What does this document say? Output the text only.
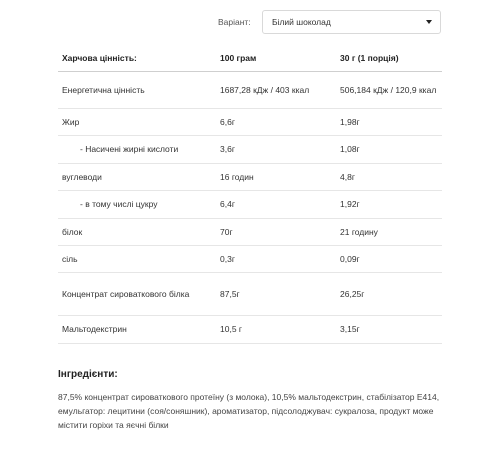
Варіант:	Білий шоколад
Харчова цінність:	100 грам	30 г (1 порція)
Енергетична цінність	1687,28 кДж / 403 ккал	506,184 кДж / 120,9 ккал
Жир	6,6г	1,98г
- Насичені жирні кислоти	3,6г	1,08г
вуглеводи	16 годин	4,8г
- в тому числі цукру	6,4г	1,92г
білок	70г	21 годину
сіль	0,3г	0,09г
Концентрат сироваткового білка	87,5г	26,25г
Мальтодекстрин	10,5 г	3,15г
Інгредієнти:
87,5% концентрат сироваткового протеїну (з молока), 10,5% мальтодекстрин, стабілізатор Е414, емульгатор: лецитини (соя/соняшник), ароматизатор, підсолоджувач: сукралоза, продукт може містити горіхи та яєчні білки
